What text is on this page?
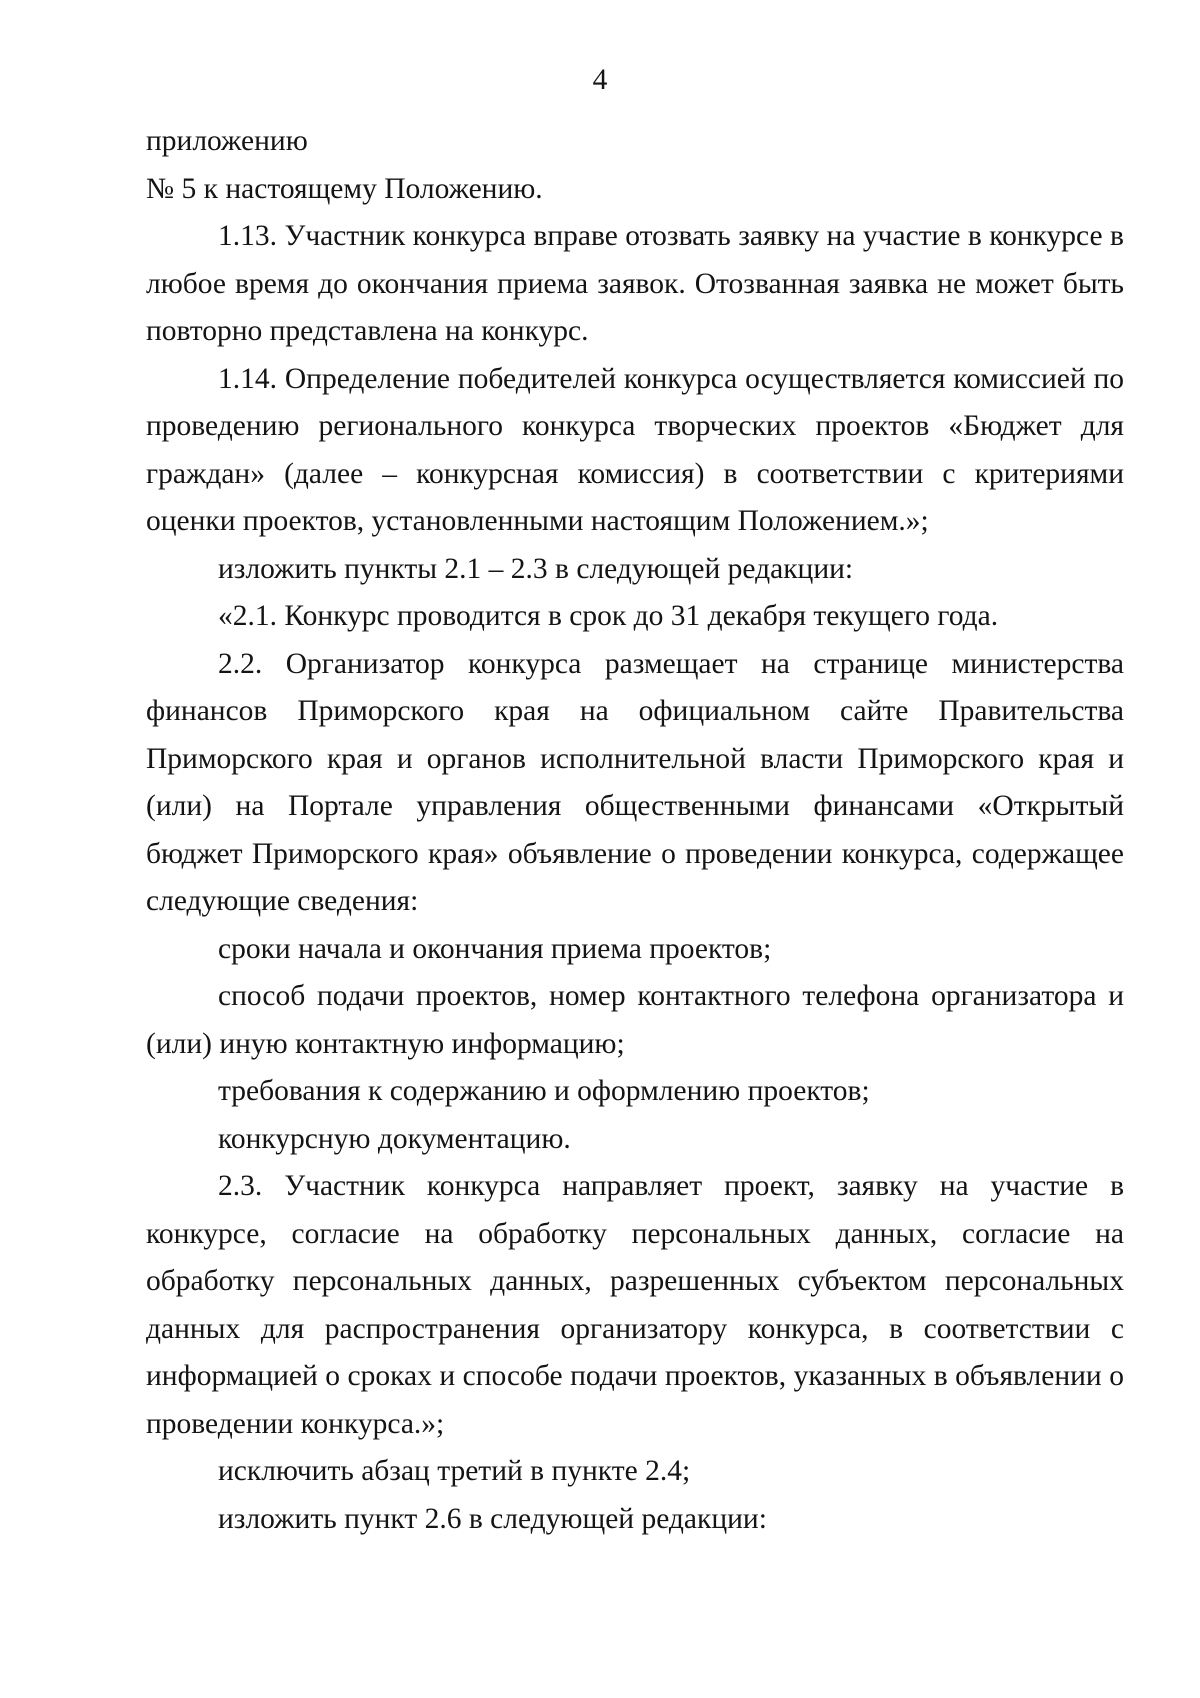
4

приложению

№ 5 к настоящему Положению.

1.13. Участник конкурса вправе отозвать заявку на участие в конкурсе в любое время до окончания приема заявок. Отозванная заявка не может быть повторно представлена на конкурс.

1.14. Определение победителей конкурса осуществляется комиссией по проведению регионального конкурса творческих проектов «Бюджет для граждан» (далее – конкурсная комиссия) в соответствии с критериями оценки проектов, установленными настоящим Положением.»;

изложить пункты 2.1 – 2.3 в следующей редакции:

«2.1. Конкурс проводится в срок до 31 декабря текущего года.

2.2. Организатор конкурса размещает на странице министерства финансов Приморского края на официальном сайте Правительства Приморского края и органов исполнительной власти Приморского края и (или) на Портале управления общественными финансами «Открытый бюджет Приморского края» объявление о проведении конкурса, содержащее следующие сведения:

сроки начала и окончания приема проектов;

способ подачи проектов, номер контактного телефона организатора и (или) иную контактную информацию;

требования к содержанию и оформлению проектов;

конкурсную документацию.

2.3. Участник конкурса направляет проект, заявку на участие в конкурсе, согласие на обработку персональных данных, согласие на обработку персональных данных, разрешенных субъектом персональных данных для распространения организатору конкурса, в соответствии с информацией о сроках и способе подачи проектов, указанных в объявлении о проведении конкурса.»;

исключить абзац третий в пункте 2.4;

изложить пункт 2.6 в следующей редакции:
